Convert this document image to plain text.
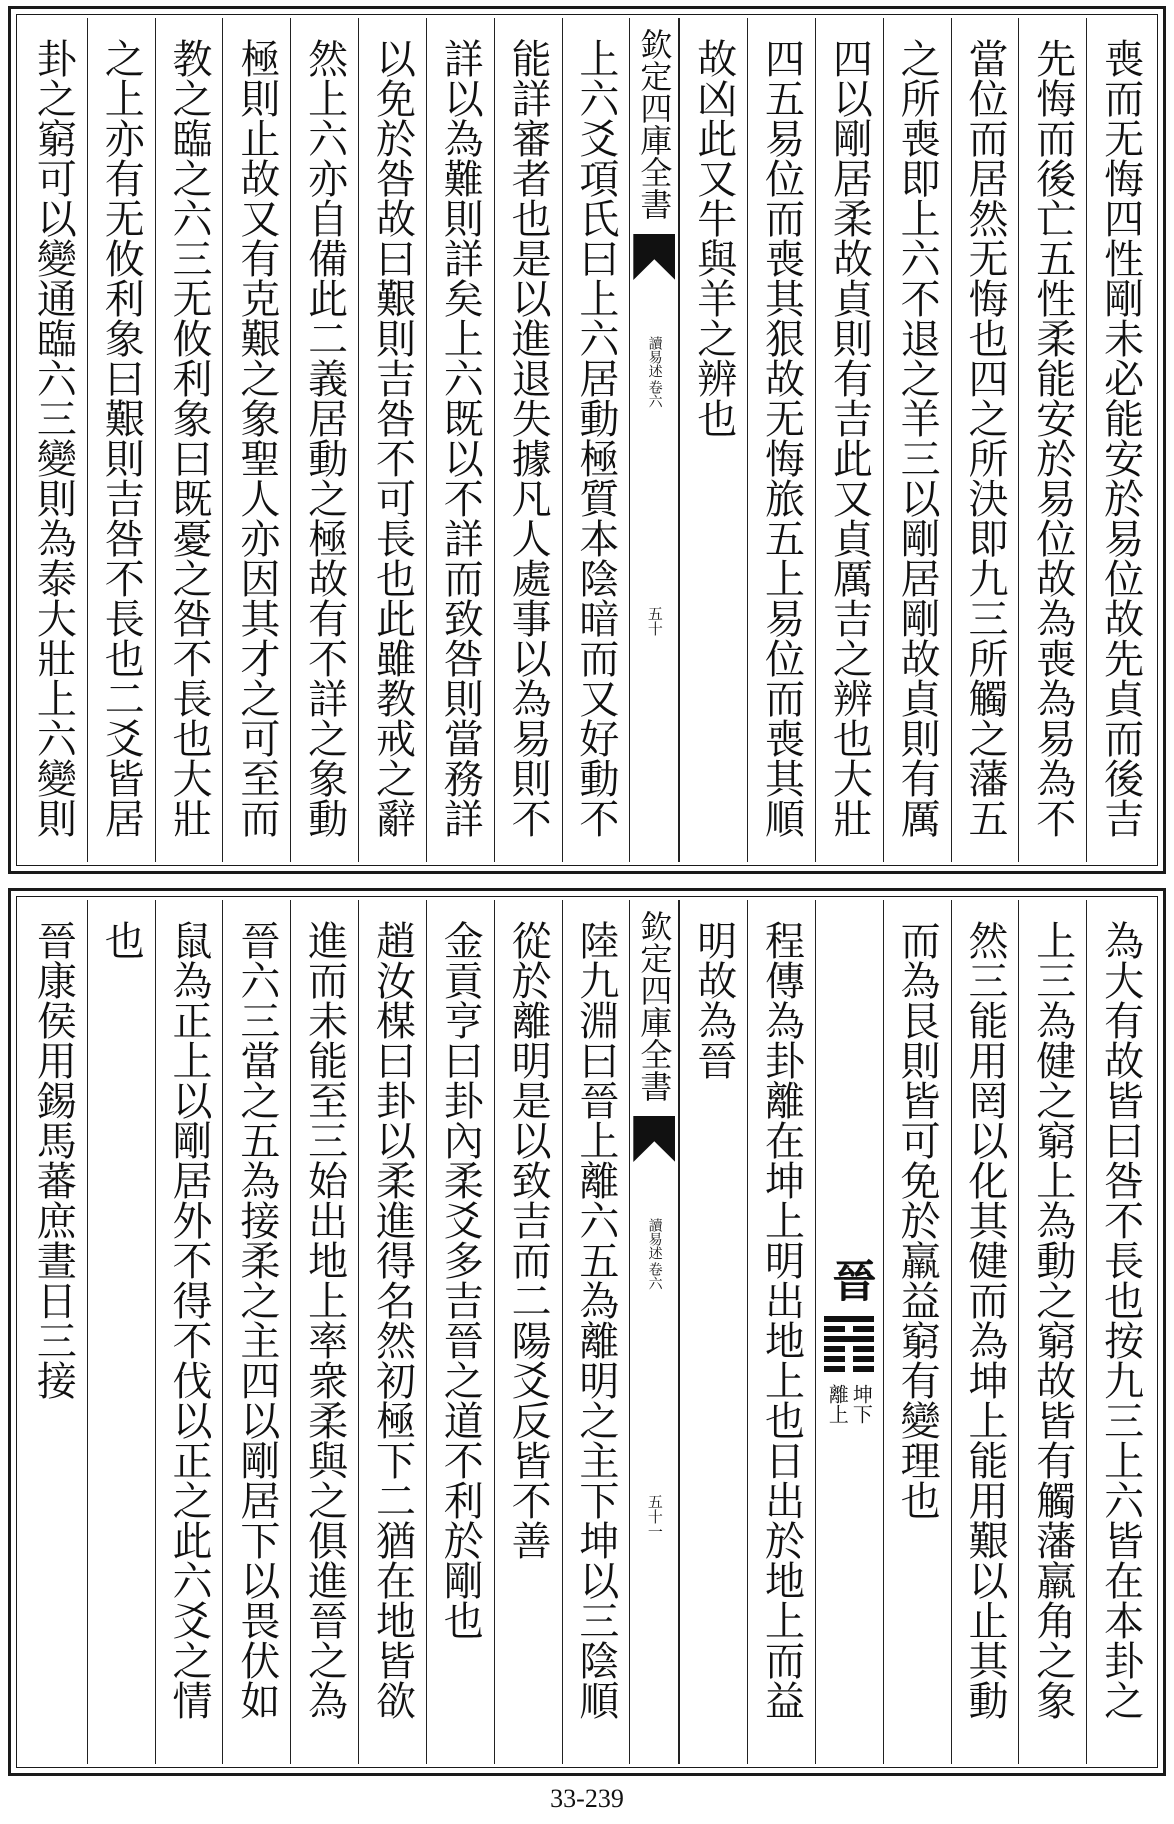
喪而无悔四性剛未必能安於易位故先貞而後吉
先悔而後亡五性柔能安於易位故為喪為易為不
當位而居然无悔也四之所決即九三所觸之藩五
之所喪即上六不退之羊三以剛居剛故貞則有厲
四以剛居柔故貞則有吉此又貞厲吉之辨也大壯
四五易位而喪其狠故无悔旅五上易位而喪其順
故凶此又牛與羊之辨也
欽定四庫全書
讀易述
卷六
五十
上六爻項氏曰上六居動極質本陰暗而又好動不
能詳審者也是以進退失據凡人處事以為易則不
詳以為難則詳矣上六既以不詳而致咎則當務詳
以免於咎故曰艱則吉咎不可長也此雖教戒之辭
然上六亦自備此二義居動之極故有不詳之象動
極則止故又有克艱之象聖人亦因其才之可至而
教之臨之六三无攸利象曰既憂之咎不長也大壯
之上亦有无攸利象曰艱則吉咎不長也二爻皆居
卦之窮可以變通臨六三變則為泰大壯上六變則
為大有故皆曰咎不長也按九三上六皆在本卦之
上三為健之窮上為動之窮故皆有觸藩羸角之象
然三能用罔以化其健而為坤上能用艱以止其動
而為艮則皆可免於羸益窮有變理也
晉
坤下
離上
程傳為卦離在坤上明出地上也日出於地上而益
明故為晉
欽定四庫全書
讀易述
卷六
五十一
陸九淵曰晉上離六五為離明之主下坤以三陰順
從於離明是以致吉而二陽爻反皆不善
金貢亨曰卦內柔爻多吉晉之道不利於剛也
趙汝楳曰卦以柔進得名然初極下二猶在地皆欲
進而未能至三始出地上率衆柔與之俱進晉之為
晉六三當之五為接柔之主四以剛居下以畏伏如
鼠為正上以剛居外不得不伐以正之此六爻之情
也
晉康侯用錫馬蕃庶晝日三接
33-239
